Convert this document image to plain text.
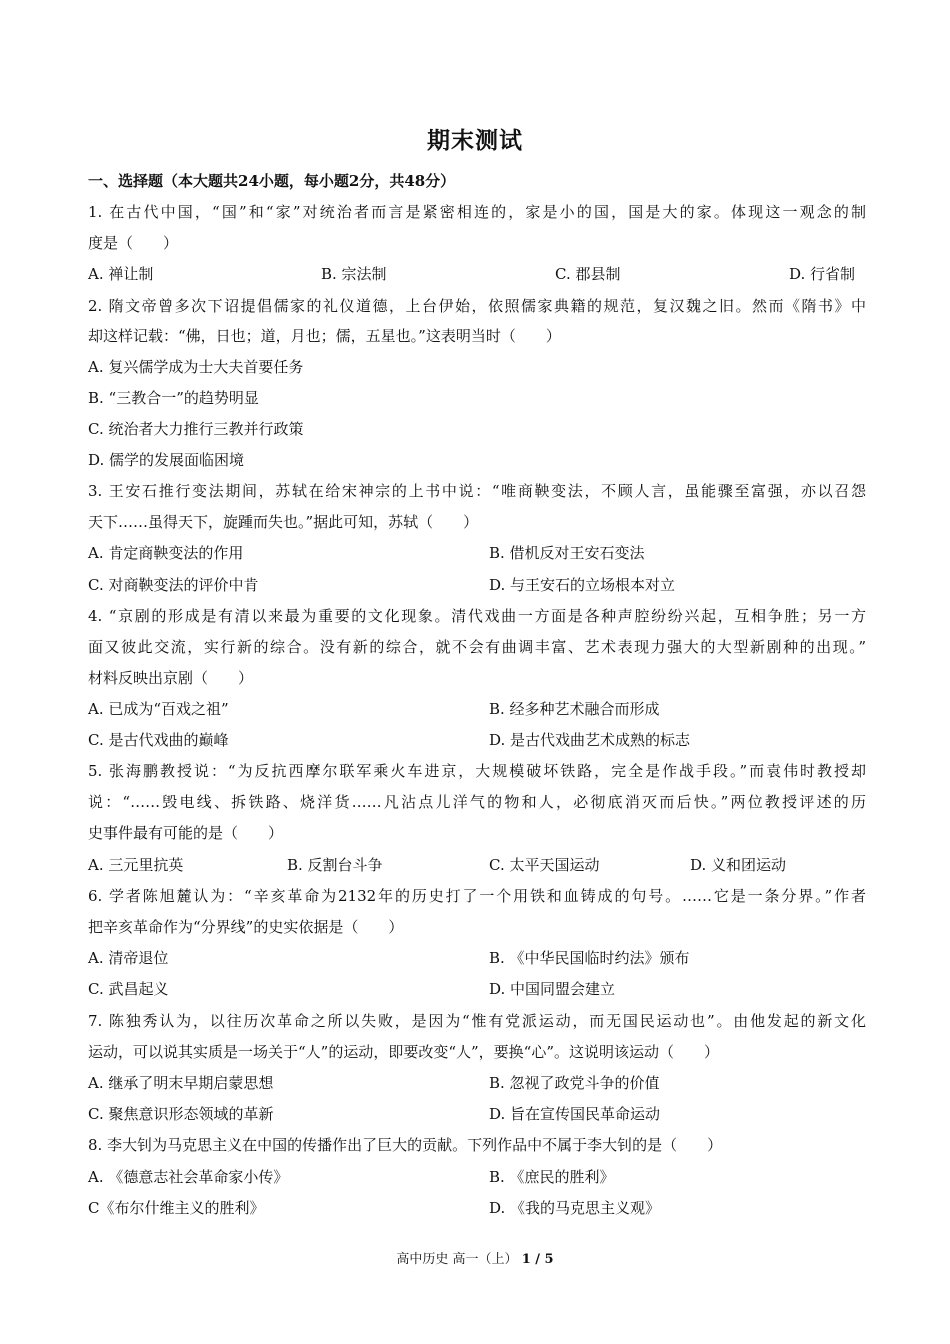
期末测试
一、选择题（本大题共24小题，每小题2分，共48分）
1. 在古代中国，“国”和“家”对统治者而言是紧密相连的，家是小的国，国是大的家。体现这一观念的制
度是（　　）
A. 禅让制	B. 宗法制	C. 郡县制	D. 行省制
2. 隋文帝曾多次下诏提倡儒家的礼仪道德，上台伊始，依照儒家典籍的规范，复汉魏之旧。然而《隋书》中
却这样记载：“佛，日也；道，月也；儒，五星也。”这表明当时（　　）
A. 复兴儒学成为士大夫首要任务
B. “三教合一”的趋势明显
C. 统治者大力推行三教并行政策
D. 儒学的发展面临困境
3. 王安石推行变法期间，苏轼在给宋神宗的上书中说：“唯商鞅变法，不顾人言，虽能骤至富强，亦以召怨
天下……虽得天下，旋踵而失也。”据此可知，苏轼（　　）
A. 肯定商鞅变法的作用	B. 借机反对王安石变法
C. 对商鞅变法的评价中肯	D. 与王安石的立场根本对立
4. “京剧的形成是有清以来最为重要的文化现象。清代戏曲一方面是各种声腔纷纷兴起，互相争胜；另一方
面又彼此交流，实行新的综合。没有新的综合，就不会有曲调丰富、艺术表现力强大的大型新剧种的出现。”
材料反映出京剧（　　）
A. 已成为“百戏之祖”	B. 经多种艺术融合而形成
C. 是古代戏曲的巅峰	D. 是古代戏曲艺术成熟的标志
5. 张海鹏教授说：“为反抗西摩尔联军乘火车进京，大规模破坏铁路，完全是作战手段。”而袁伟时教授却
说：“……毁电线、拆铁路、烧洋货……凡沾点儿洋气的物和人，必彻底消灭而后快。”两位教授评述的历
史事件最有可能的是（　　）
A. 三元里抗英	B. 反割台斗争	C. 太平天国运动	D. 义和团运动
6. 学者陈旭麓认为：“辛亥革命为2132年的历史打了一个用铁和血铸成的句号。……它是一条分界。”作者
把辛亥革命作为“分界线”的史实依据是（　　）
A. 清帝退位	B. 《中华民国临时约法》颁布
C. 武昌起义	D. 中国同盟会建立
7. 陈独秀认为，以往历次革命之所以失败，是因为“惟有党派运动，而无国民运动也”。由他发起的新文化
运动，可以说其实质是一场关于“人”的运动，即要改变“人”，要换“心”。这说明该运动（　　）
A. 继承了明末早期启蒙思想	B. 忽视了政党斗争的价值
C. 聚焦意识形态领域的革新	D. 旨在宣传国民革命运动
8. 李大钊为马克思主义在中国的传播作出了巨大的贡献。下列作品中不属于李大钊的是（　　）
A. 《德意志社会革命家小传》	B. 《庶民的胜利》
C《布尔什维主义的胜利》	D. 《我的马克思主义观》
高中历史 高一（上） 1 / 5
